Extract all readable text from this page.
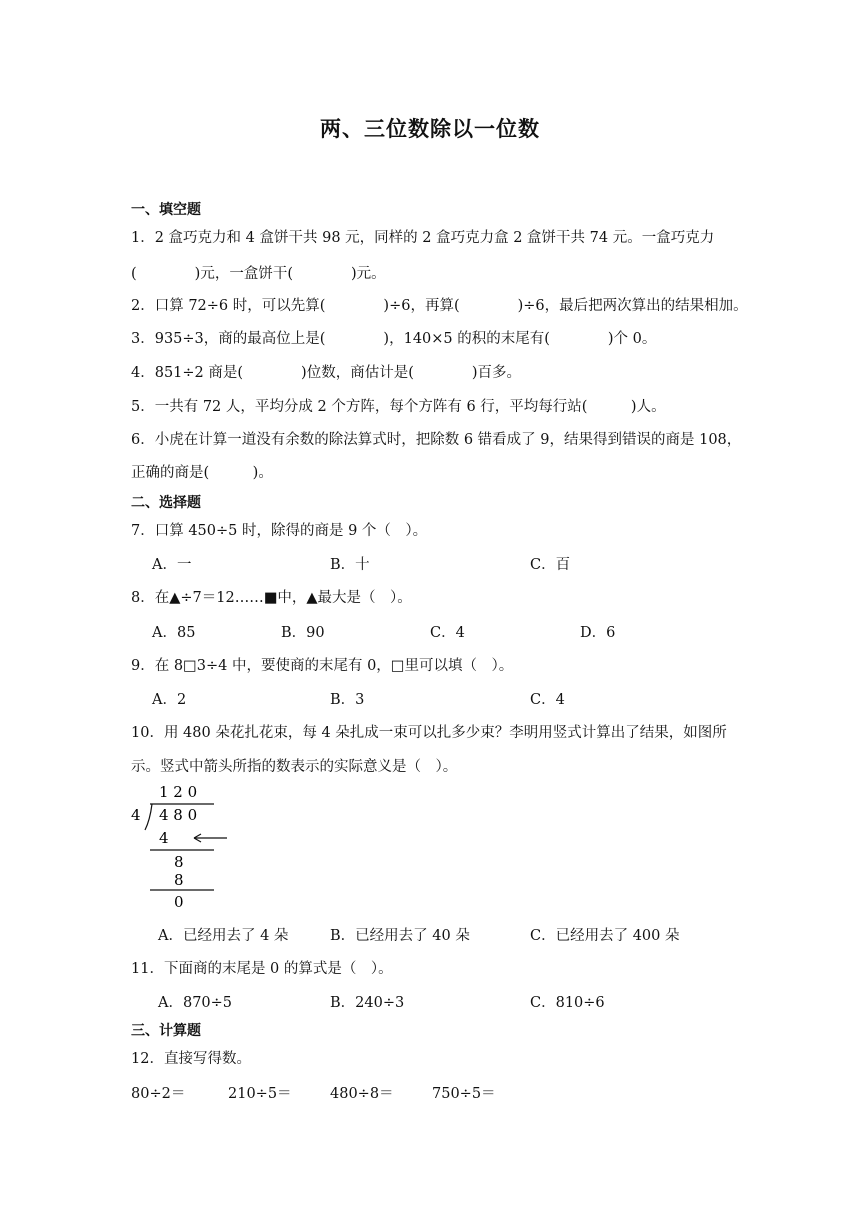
两、三位数除以一位数
一、填空题
1．2 盒巧克力和 4 盒饼干共 98 元，同样的 2 盒巧克力盒 2 盒饼干共 74 元。一盒巧克力
(　　　　)元，一盒饼干(　　　　)元。
2．口算 72÷6 时，可以先算(　　　　)÷6，再算(　　　　)÷6，最后把两次算出的结果相加。
3．935÷3，商的最高位上是(　　　　)，140×5 的积的末尾有(　　　　)个 0。
4．851÷2 商是(　　　　)位数，商估计是(　　　　)百多。
5．一共有 72 人，平均分成 2 个方阵，每个方阵有 6 行，平均每行站(　　　)人。
6．小虎在计算一道没有余数的除法算式时，把除数 6 错看成了 9，结果得到错误的商是 108，
正确的商是(　　　)。
二、选择题
7．口算 450÷5 时，除得的商是 9 个（　）。
A．一	B．十	C．百
8．在▲÷7＝12……■中，▲最大是（　）。
A．85	B．90	C．4	D．6
9．在 8□3÷4 中，要使商的末尾有 0，□里可以填（　）。
A．2	B．3	C．4
10．用 480 朵花扎花束，每 4 朵扎成一束可以扎多少束？李明用竖式计算出了结果，如图所
示。竖式中箭头所指的数表示的实际意义是（　）。
1 2 0
4 4 8 0
4
8
8
0
A．已经用去了 4 朵	B．已经用去了 40 朵	C．已经用去了 400 朵
11．下面商的末尾是 0 的算式是（　）。
A．870÷5	B．240÷3	C．810÷6
三、计算题
12．直接写得数。
80÷2＝	210÷5＝	480÷8＝	750÷5＝
